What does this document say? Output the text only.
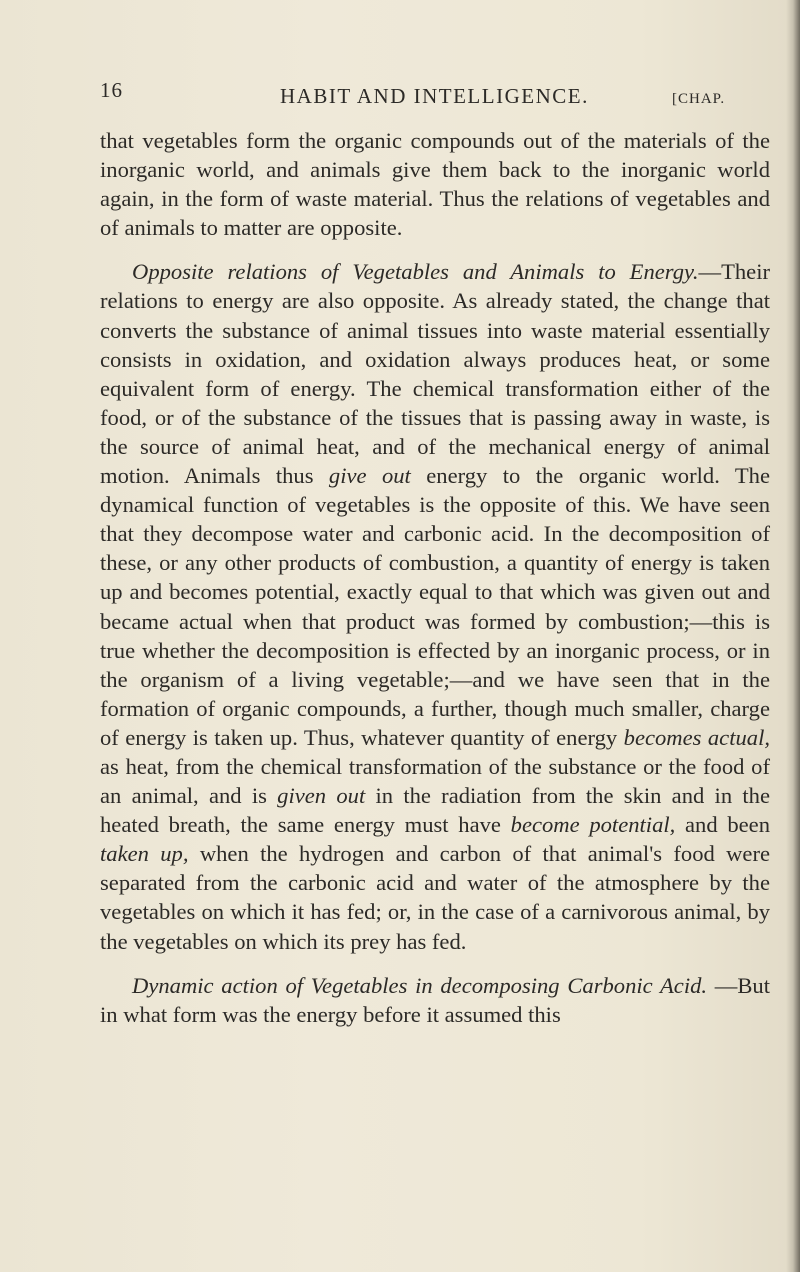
16	HABIT AND INTELLIGENCE.	[CHAP.

that vegetables form the organic compounds out of the materials of the inorganic world, and animals give them back to the inorganic world again, in the form of waste material. Thus the relations of vegetables and of animals to matter are opposite.

Opposite relations of Vegetables and Animals to Energy.—Their relations to energy are also opposite. As already stated, the change that converts the substance of animal tissues into waste material essentially consists in oxidation, and oxidation always produces heat, or some equivalent form of energy. The chemical transformation either of the food, or of the substance of the tissues that is passing away in waste, is the source of animal heat, and of the mechanical energy of animal motion. Animals thus give out energy to the organic world. The dynamical function of vegetables is the opposite of this. We have seen that they decompose water and carbonic acid. In the decomposition of these, or any other products of combustion, a quantity of energy is taken up and becomes potential, exactly equal to that which was given out and became actual when that product was formed by combustion;—this is true whether the decomposition is effected by an inorganic process, or in the organism of a living vegetable;—and we have seen that in the formation of organic compounds, a further, though much smaller, charge of energy is taken up. Thus, whatever quantity of energy becomes actual, as heat, from the chemical transformation of the substance or the food of an animal, and is given out in the radiation from the skin and in the heated breath, the same energy must have become potential, and been taken up, when the hydrogen and carbon of that animal's food were separated from the carbonic acid and water of the atmosphere by the vegetables on which it has fed; or, in the case of a carnivorous animal, by the vegetables on which its prey has fed.

Dynamic action of Vegetables in decomposing Carbonic Acid. —But in what form was the energy before it assumed this
